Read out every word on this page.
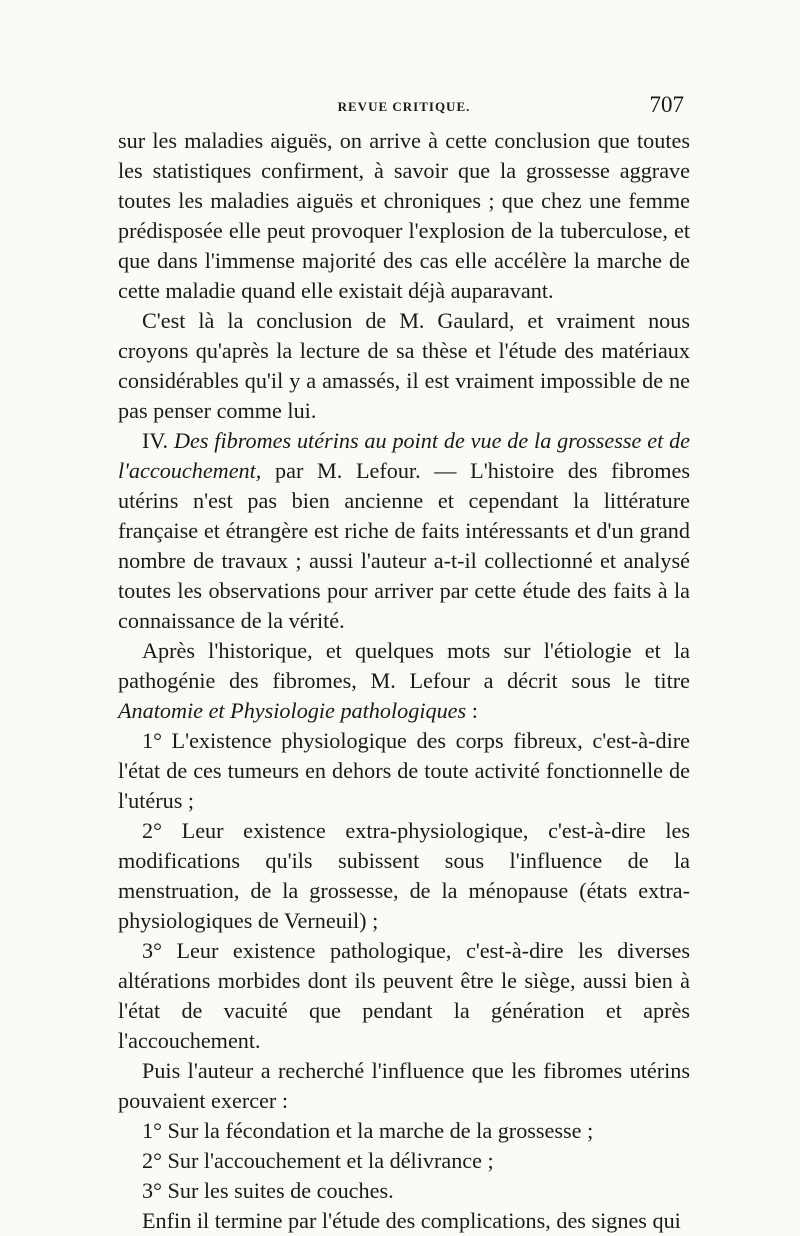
REVUE CRITIQUE.	707

sur les maladies aiguës, on arrive à cette conclusion que toutes les statistiques confirment, à savoir que la grossesse aggrave toutes les maladies aiguës et chroniques ; que chez une femme prédisposée elle peut provoquer l'explosion de la tuberculose, et que dans l'immense majorité des cas elle accélère la marche de cette maladie quand elle existait déjà auparavant.

C'est là la conclusion de M. Gaulard, et vraiment nous croyons qu'après la lecture de sa thèse et l'étude des matériaux considérables qu'il y a amassés, il est vraiment impossible de ne pas penser comme lui.

IV. Des fibromes utérins au point de vue de la grossesse et de l'accouchement, par M. Lefour. — L'histoire des fibromes utérins n'est pas bien ancienne et cependant la littérature française et étrangère est riche de faits intéressants et d'un grand nombre de travaux ; aussi l'auteur a-t-il collectionné et analysé toutes les observations pour arriver par cette étude des faits à la connaissance de la vérité.

Après l'historique, et quelques mots sur l'étiologie et la pathogénie des fibromes, M. Lefour a décrit sous le titre Anatomie et Physiologie pathologiques :

1° L'existence physiologique des corps fibreux, c'est-à-dire l'état de ces tumeurs en dehors de toute activité fonctionnelle de l'utérus ;

2° Leur existence extra-physiologique, c'est-à-dire les modifications qu'ils subissent sous l'influence de la menstruation, de la grossesse, de la ménopause (états extra-physiologiques de Verneuil) ;

3° Leur existence pathologique, c'est-à-dire les diverses altérations morbides dont ils peuvent être le siège, aussi bien à l'état de vacuité que pendant la génération et après l'accouchement.

Puis l'auteur a recherché l'influence que les fibromes utérins pouvaient exercer :

1° Sur la fécondation et la marche de la grossesse ;

2° Sur l'accouchement et la délivrance ;

3° Sur les suites de couches.

Enfin il termine par l'étude des complications, des signes qui
